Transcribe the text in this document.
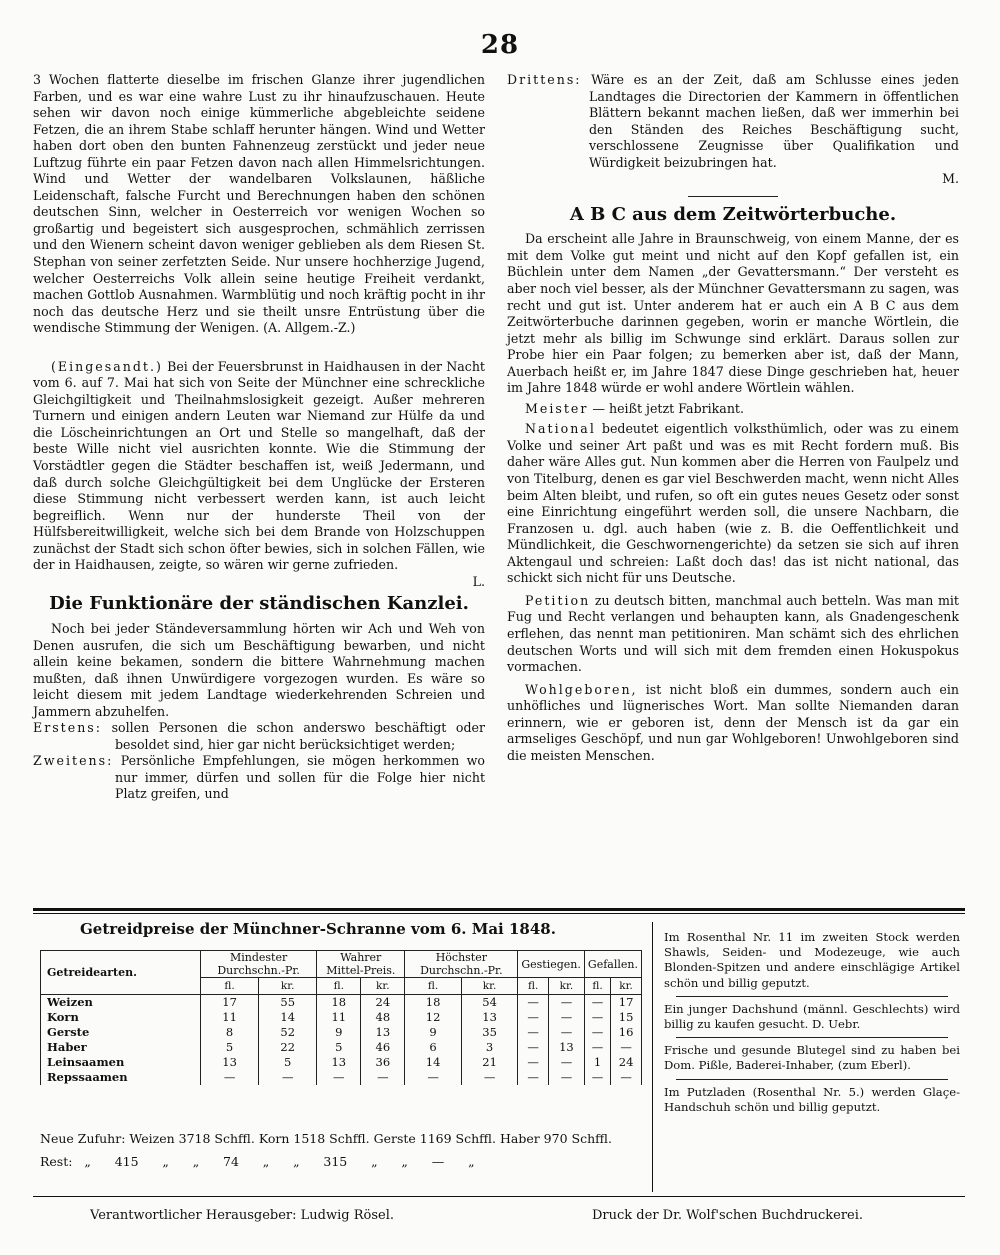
28

3 Wochen flatterte dieselbe im frischen Glanze ihrer jugendlichen Farben, und es war eine wahre Lust zu ihr hinaufzuschauen. Heute sehen wir davon noch einige kümmerliche abgebleichte seidene Fetzen, die an ihrem Stabe schlaff herunter hängen. Wind und Wetter haben dort oben den bunten Fahnenzeug zerstückt und jeder neue Luftzug führte ein paar Fetzen davon nach allen Himmelsrichtungen. Wind und Wetter der wandelbaren Volkslaunen, häßliche Leidenschaft, falsche Furcht und Berechnungen haben den schönen deutschen Sinn, welcher in Oesterreich vor wenigen Wochen so großartig und begeistert sich ausgesprochen, schmählich zerrissen und den Wienern scheint davon weniger geblieben als dem Riesen St. Stephan von seiner zerfetzten Seide. Nur unsere hochherzige Jugend, welcher Oesterreichs Volk allein seine heutige Freiheit verdankt, machen Gottlob Ausnahmen. Warmblütig und noch kräftig pocht in ihr noch das deutsche Herz und sie theilt unsre Entrüstung über die wendische Stimmung der Wenigen. (A. Allgem.-Z.)

(Eingesandt.) Bei der Feuersbrunst in Haidhausen in der Nacht vom 6. auf 7. Mai hat sich von Seite der Münchner eine schreckliche Gleichgiltigkeit und Theilnahmslosigkeit gezeigt. Außer mehreren Turnern und einigen andern Leuten war Niemand zur Hülfe da und die Löscheinrichtungen an Ort und Stelle so mangelhaft, daß der beste Wille nicht viel ausrichten konnte. Wie die Stimmung der Vorstädtler gegen die Städter beschaffen ist, weiß Jedermann, und daß durch solche Gleichgültigkeit bei dem Unglücke der Ersteren diese Stimmung nicht verbessert werden kann, ist auch leicht begreiflich. Wenn nur der hunderste Theil von der Hülfsbereitwilligkeit, welche sich bei dem Brande von Holzschuppen zunächst der Stadt sich schon öfter bewies, sich in solchen Fällen, wie der in Haidhausen, zeigte, so wären wir gerne zufrieden.

L.

Die Funktionäre der ständischen Kanzlei.

Noch bei jeder Ständeversammlung hörten wir Ach und Weh von Denen ausrufen, die sich um Beschäftigung bewarben, und nicht allein keine bekamen, sondern die bittere Wahrnehmung machen mußten, daß ihnen Unwürdigere vorgezogen wurden. Es wäre so leicht diesem mit jedem Landtage wiederkehrenden Schreien und Jammern abzuhelfen.

Erstens: sollen Personen die schon anderswo beschäftigt oder besoldet sind, hier gar nicht berücksichtiget werden;

Zweitens: Persönliche Empfehlungen, sie mögen herkommen wo nur immer, dürfen und sollen für die Folge hier nicht Platz greifen, und

Drittens: Wäre es an der Zeit, daß am Schlusse eines jeden Landtages die Directorien der Kammern in öffentlichen Blättern bekannt machen ließen, daß wer immerhin bei den Ständen des Reiches Beschäftigung sucht, verschlossene Zeugnisse über Qualifikation und Würdigkeit beizubringen hat.

M.

A B C aus dem Zeitwörterbuche.

Da erscheint alle Jahre in Braunschweig, von einem Manne, der es mit dem Volke gut meint und nicht auf den Kopf gefallen ist, ein Büchlein unter dem Namen „der Gevattersmann.“ Der versteht es aber noch viel besser, als der Münchner Gevattersmann zu sagen, was recht und gut ist. Unter anderem hat er auch ein A B C aus dem Zeitwörterbuche darinnen gegeben, worin er manche Wörtlein, die jetzt mehr als billig im Schwunge sind erklärt. Daraus sollen zur Probe hier ein Paar folgen; zu bemerken aber ist, daß der Mann, Auerbach heißt er, im Jahre 1847 diese Dinge geschrieben hat, heuer im Jahre 1848 würde er wohl andere Wörtlein wählen.

Meister — heißt jetzt Fabrikant.

National bedeutet eigentlich volksthümlich, oder was zu einem Volke und seiner Art paßt und was es mit Recht fordern muß. Bis daher wäre Alles gut. Nun kommen aber die Herren von Faulpelz und von Titelburg, denen es gar viel Beschwerden macht, wenn nicht Alles beim Alten bleibt, und rufen, so oft ein gutes neues Gesetz oder sonst eine Einrichtung eingeführt werden soll, die unsere Nachbarn, die Franzosen u. dgl. auch haben (wie z. B. die Oeffentlichkeit und Mündlichkeit, die Geschwornengerichte) da setzen sie sich auf ihren Aktengaul und schreien: Laßt doch das! das ist nicht national, das schickt sich nicht für uns Deutsche.

Petition zu deutsch bitten, manchmal auch betteln. Was man mit Fug und Recht verlangen und behaupten kann, als Gnadengeschenk erflehen, das nennt man petitioniren. Man schämt sich des ehrlichen deutschen Worts und will sich mit dem fremden einen Hokuspokus vormachen.

Wohlgeboren, ist nicht bloß ein dummes, sondern auch ein unhöfliches und lügnerisches Wort. Man sollte Niemanden daran erinnern, wie er geboren ist, denn der Mensch ist da gar ein armseliges Geschöpf, und nun gar Wohlgeboren! Unwohlgeboren sind die meisten Menschen.

Getreidpreise der Münchner-Schranne vom 6. Mai 1848.
Getreidearten.	Mindester Durchschn.-Pr.		Wahrer Mittel-Preis.		Höchster Durchschn.-Pr.		Gestiegen.		Gefallen.	
	fl.	kr.	fl.	kr.	fl.	kr.	fl.	kr.	fl.	kr.
Weizen	17	55	18	24	18	54	—	—	—	17
Korn	11	14	11	48	12	13	—	—	—	15
Gerste	8	52	9	13	9	35	—	—	—	16
Haber	5	22	5	46	6	3	—	13	—	—
Leinsaamen	13	5	13	36	14	21	—	—	1	24
Repssaamen	—	—	—	—	—	—	—	—	—	—
Neue Zufuhr: Weizen 3718 Schffl. Korn 1518 Schffl. Gerste 1169 Schffl. Haber 970 Schffl.
Rest:   „      415      „      „      74      „      „      315      „      „      —      „
Im Rosenthal Nr. 11 im zweiten Stock werden Shawls, Seiden- und Modezeuge, wie auch Blonden-Spitzen und andere einschlägige Artikel schön und billig geputzt.
Ein junger Dachshund (männl. Geschlechts) wird billig zu kaufen gesucht. D. Uebr.
Frische und gesunde Blutegel sind zu haben bei Dom. Pißle, Baderei-Inhaber, (zum Eberl).
Im Putzladen (Rosenthal Nr. 5.) werden Glaçe-Handschuh schön und billig geputzt.
Verantwortlicher Herausgeber: Ludwig Rösel.	Druck der Dr. Wolf'schen Buchdruckerei.
